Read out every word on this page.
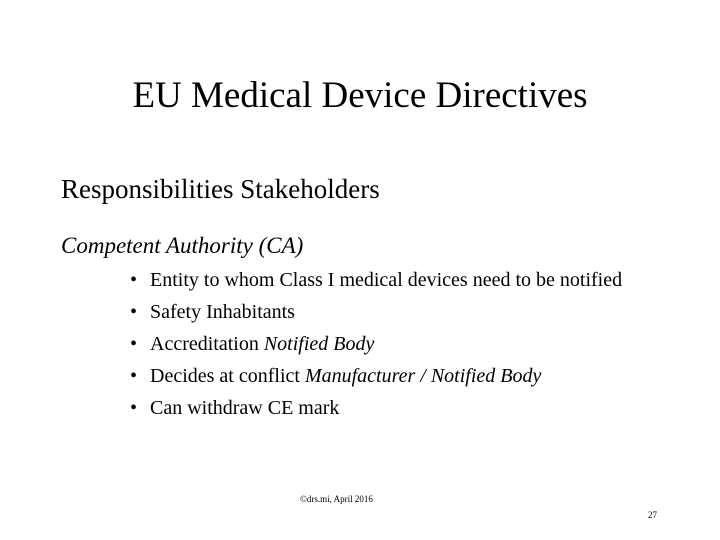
EU Medical Device Directives
Responsibilities Stakeholders
Competent Authority (CA)
• Entity to whom Class I medical devices need to be notified
• Safety Inhabitants
• Accreditation Notified Body
• Decides at conflict Manufacturer / Notified Body
• Can withdraw CE mark
©drs.mi, April 2016
27
